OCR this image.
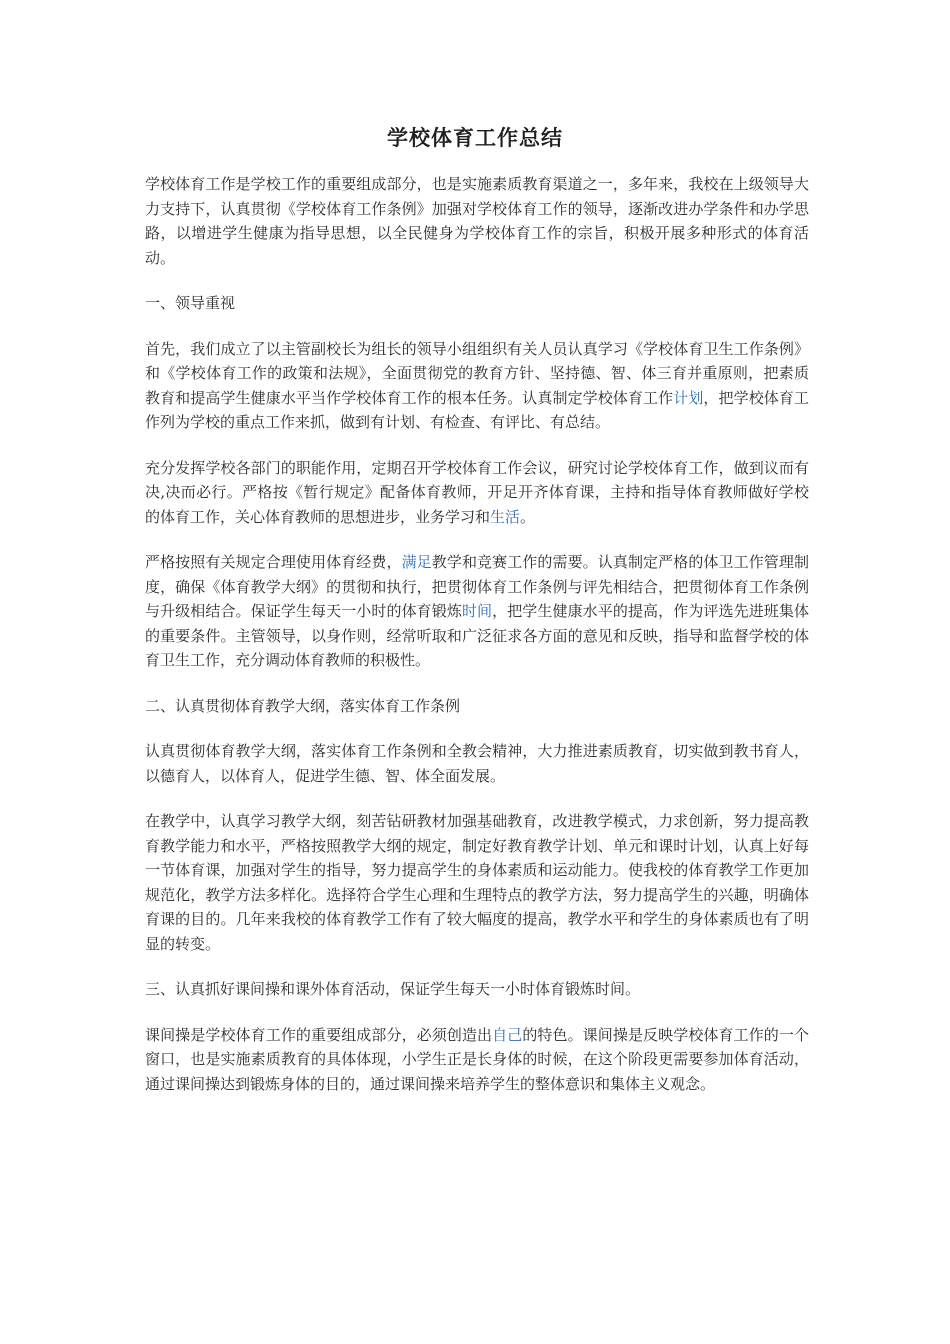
学校体育工作总结

学校体育工作是学校工作的重要组成部分，也是实施素质教育渠道之一，多年来，我校在上级领导大力支持下，认真贯彻《学校体育工作条例》加强对学校体育工作的领导，逐渐改进办学条件和办学思路，以增进学生健康为指导思想，以全民健身为学校体育工作的宗旨，积极开展多种形式的体育活动。

一、领导重视

首先，我们成立了以主管副校长为组长的领导小组组织有关人员认真学习《学校体育卫生工作条例》和《学校体育工作的政策和法规》，全面贯彻党的教育方针、坚持德、智、体三育并重原则，把素质教育和提高学生健康水平当作学校体育工作的根本任务。认真制定学校体育工作计划，把学校体育工作列为学校的重点工作来抓，做到有计划、有检查、有评比、有总结。

充分发挥学校各部门的职能作用，定期召开学校体育工作会议，研究讨论学校体育工作，做到议而有决,决而必行。严格按《暂行规定》配备体育教师，开足开齐体育课，主持和指导体育教师做好学校的体育工作，关心体育教师的思想进步，业务学习和生活。

严格按照有关规定合理使用体育经费，满足教学和竞赛工作的需要。认真制定严格的体卫工作管理制度，确保《体育教学大纲》的贯彻和执行，把贯彻体育工作条例与评先相结合，把贯彻体育工作条例与升级相结合。保证学生每天一小时的体育锻炼时间，把学生健康水平的提高，作为评选先进班集体的重要条件。主管领导，以身作则，经常听取和广泛征求各方面的意见和反映，指导和监督学校的体育卫生工作，充分调动体育教师的积极性。

二、认真贯彻体育教学大纲，落实体育工作条例

认真贯彻体育教学大纲，落实体育工作条例和全教会精神，大力推进素质教育，切实做到教书育人，以德育人，以体育人，促进学生德、智、体全面发展。

在教学中，认真学习教学大纲，刻苦钻研教材加强基础教育，改进教学模式，力求创新，努力提高教育教学能力和水平，严格按照教学大纲的规定，制定好教育教学计划、单元和课时计划，认真上好每一节体育课，加强对学生的指导，努力提高学生的身体素质和运动能力。使我校的体育教学工作更加规范化，教学方法多样化。选择符合学生心理和生理特点的教学方法，努力提高学生的兴趣，明确体育课的目的。几年来我校的体育教学工作有了较大幅度的提高，教学水平和学生的身体素质也有了明显的转变。

三、认真抓好课间操和课外体育活动，保证学生每天一小时体育锻炼时间。

课间操是学校体育工作的重要组成部分，必须创造出自己的特色。课间操是反映学校体育工作的一个窗口，也是实施素质教育的具体体现，小学生正是长身体的时候，在这个阶段更需要参加体育活动，通过课间操达到锻炼身体的目的，通过课间操来培养学生的整体意识和集体主义观念。
